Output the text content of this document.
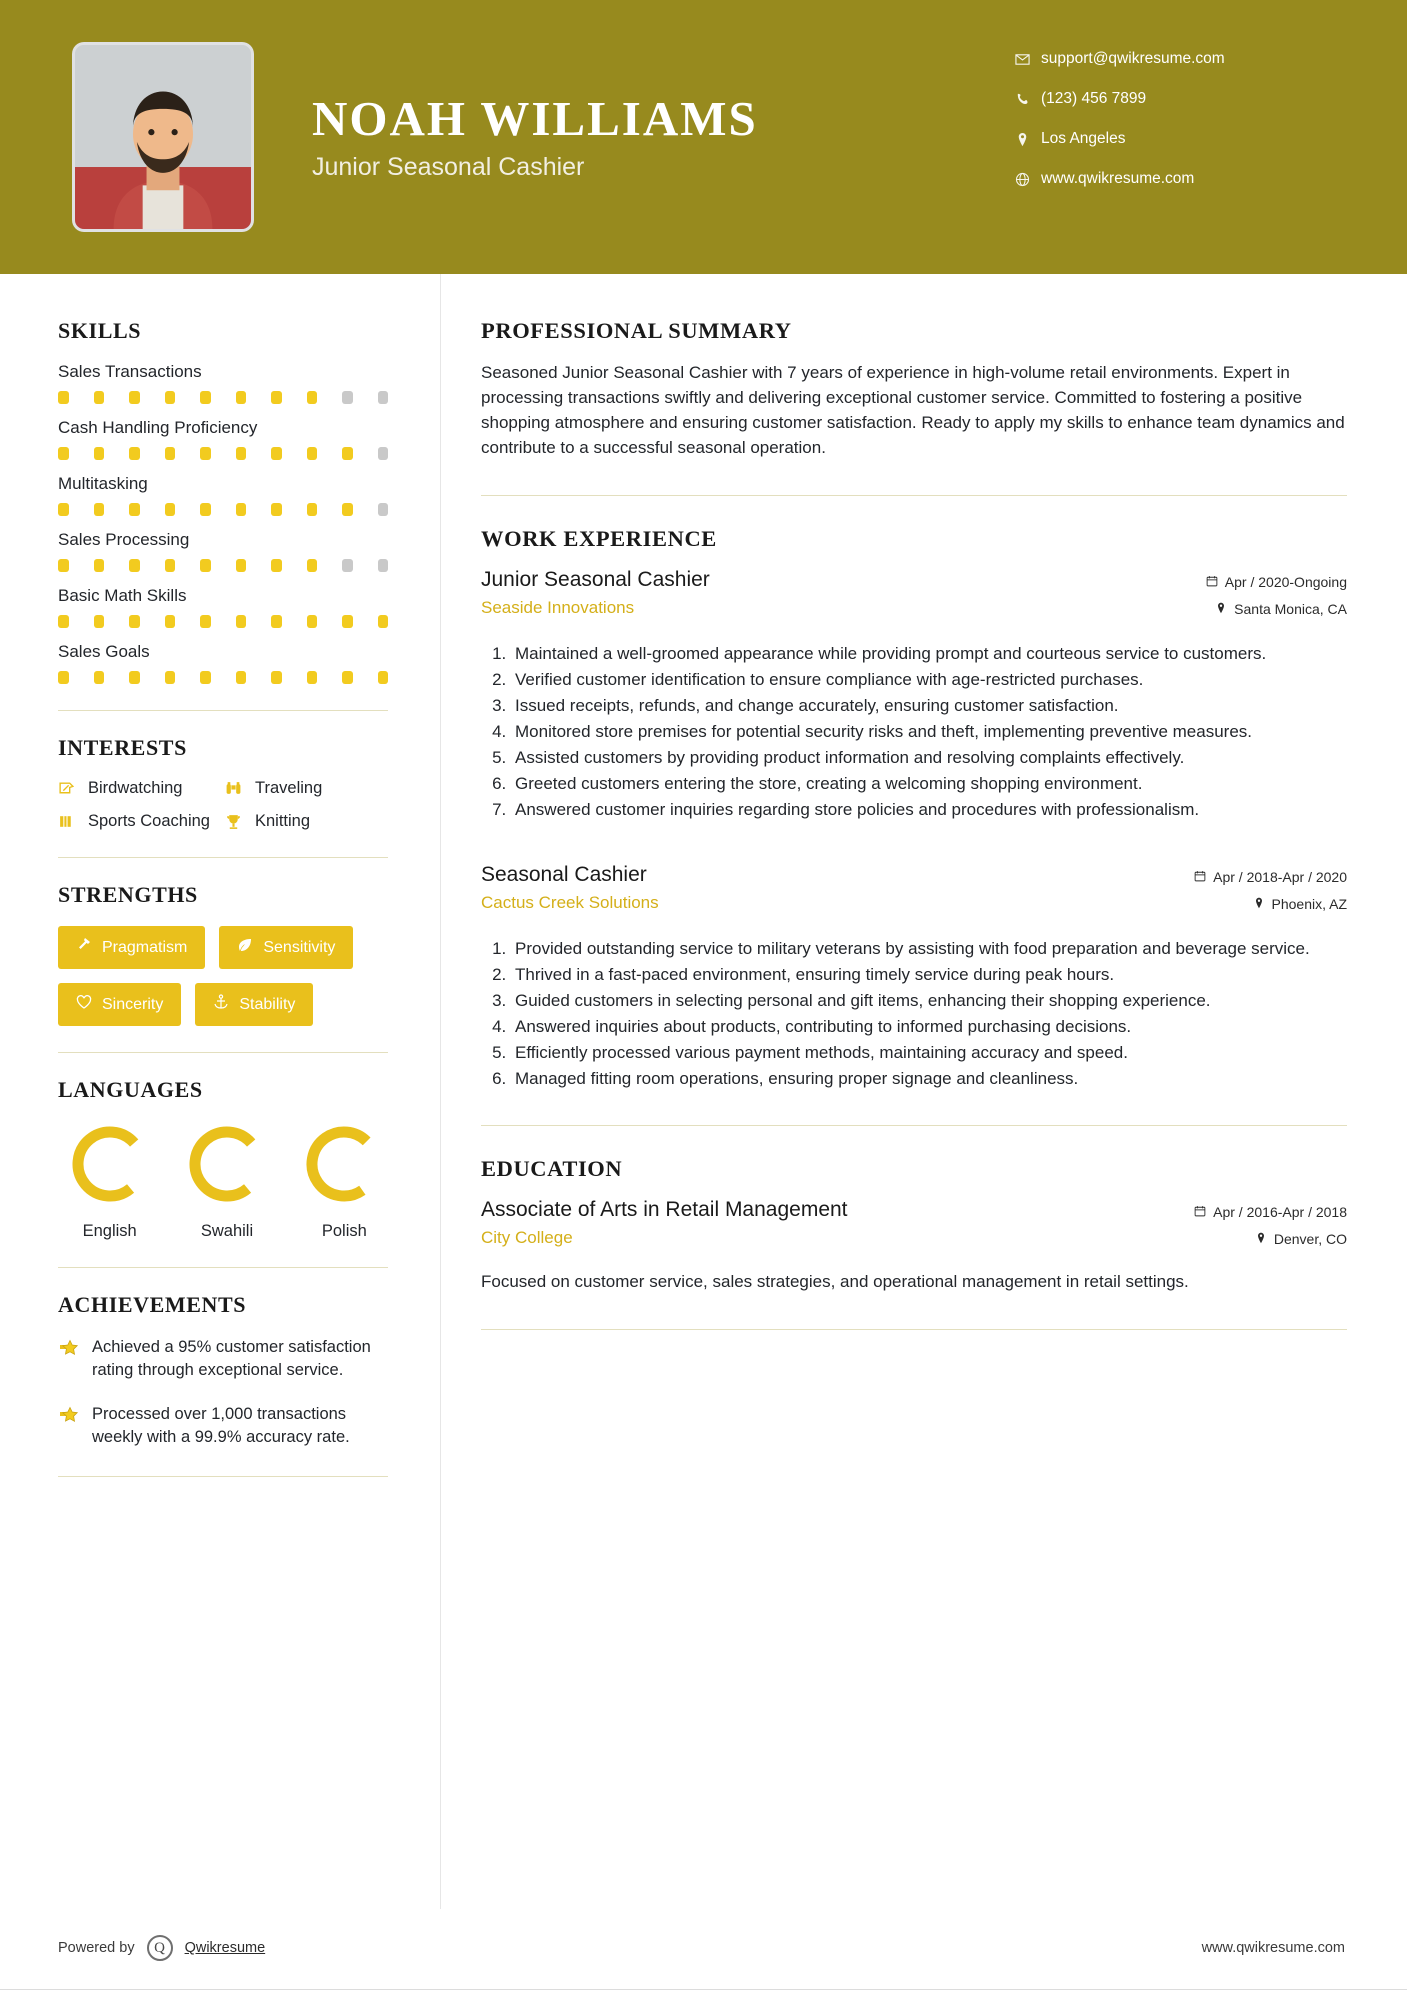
NOAH WILLIAMS
Junior Seasonal Cashier
support@qwikresume.com
(123) 456 7899
Los Angeles
www.qwikresume.com
SKILLS
Sales Transactions
Cash Handling Proficiency
Multitasking
Sales Processing
Basic Math Skills
Sales Goals
INTERESTS
Birdwatching	Traveling
Sports Coaching	Knitting
STRENGTHS
Pragmatism	Sensitivity
Sincerity	Stability
LANGUAGES
English	Swahili	Polish
ACHIEVEMENTS
Achieved a 95% customer satisfaction rating through exceptional service.
Processed over 1,000 transactions weekly with a 99.9% accuracy rate.
PROFESSIONAL SUMMARY
Seasoned Junior Seasonal Cashier with 7 years of experience in high-volume retail environments. Expert in processing transactions swiftly and delivering exceptional customer service. Committed to fostering a positive shopping atmosphere and ensuring customer satisfaction. Ready to apply my skills to enhance team dynamics and contribute to a successful seasonal operation.
WORK EXPERIENCE
Junior Seasonal Cashier
Seaside Innovations
Apr / 2020-Ongoing
Santa Monica, CA
1. Maintained a well-groomed appearance while providing prompt and courteous service to customers.
2. Verified customer identification to ensure compliance with age-restricted purchases.
3. Issued receipts, refunds, and change accurately, ensuring customer satisfaction.
4. Monitored store premises for potential security risks and theft, implementing preventive measures.
5. Assisted customers by providing product information and resolving complaints effectively.
6. Greeted customers entering the store, creating a welcoming shopping environment.
7. Answered customer inquiries regarding store policies and procedures with professionalism.
Seasonal Cashier
Cactus Creek Solutions
Apr / 2018-Apr / 2020
Phoenix, AZ
1. Provided outstanding service to military veterans by assisting with food preparation and beverage service.
2. Thrived in a fast-paced environment, ensuring timely service during peak hours.
3. Guided customers in selecting personal and gift items, enhancing their shopping experience.
4. Answered inquiries about products, contributing to informed purchasing decisions.
5. Efficiently processed various payment methods, maintaining accuracy and speed.
6. Managed fitting room operations, ensuring proper signage and cleanliness.
EDUCATION
Associate of Arts in Retail Management
City College
Apr / 2016-Apr / 2018
Denver, CO
Focused on customer service, sales strategies, and operational management in retail settings.
Powered by	Q	Qwikresume	www.qwikresume.com
